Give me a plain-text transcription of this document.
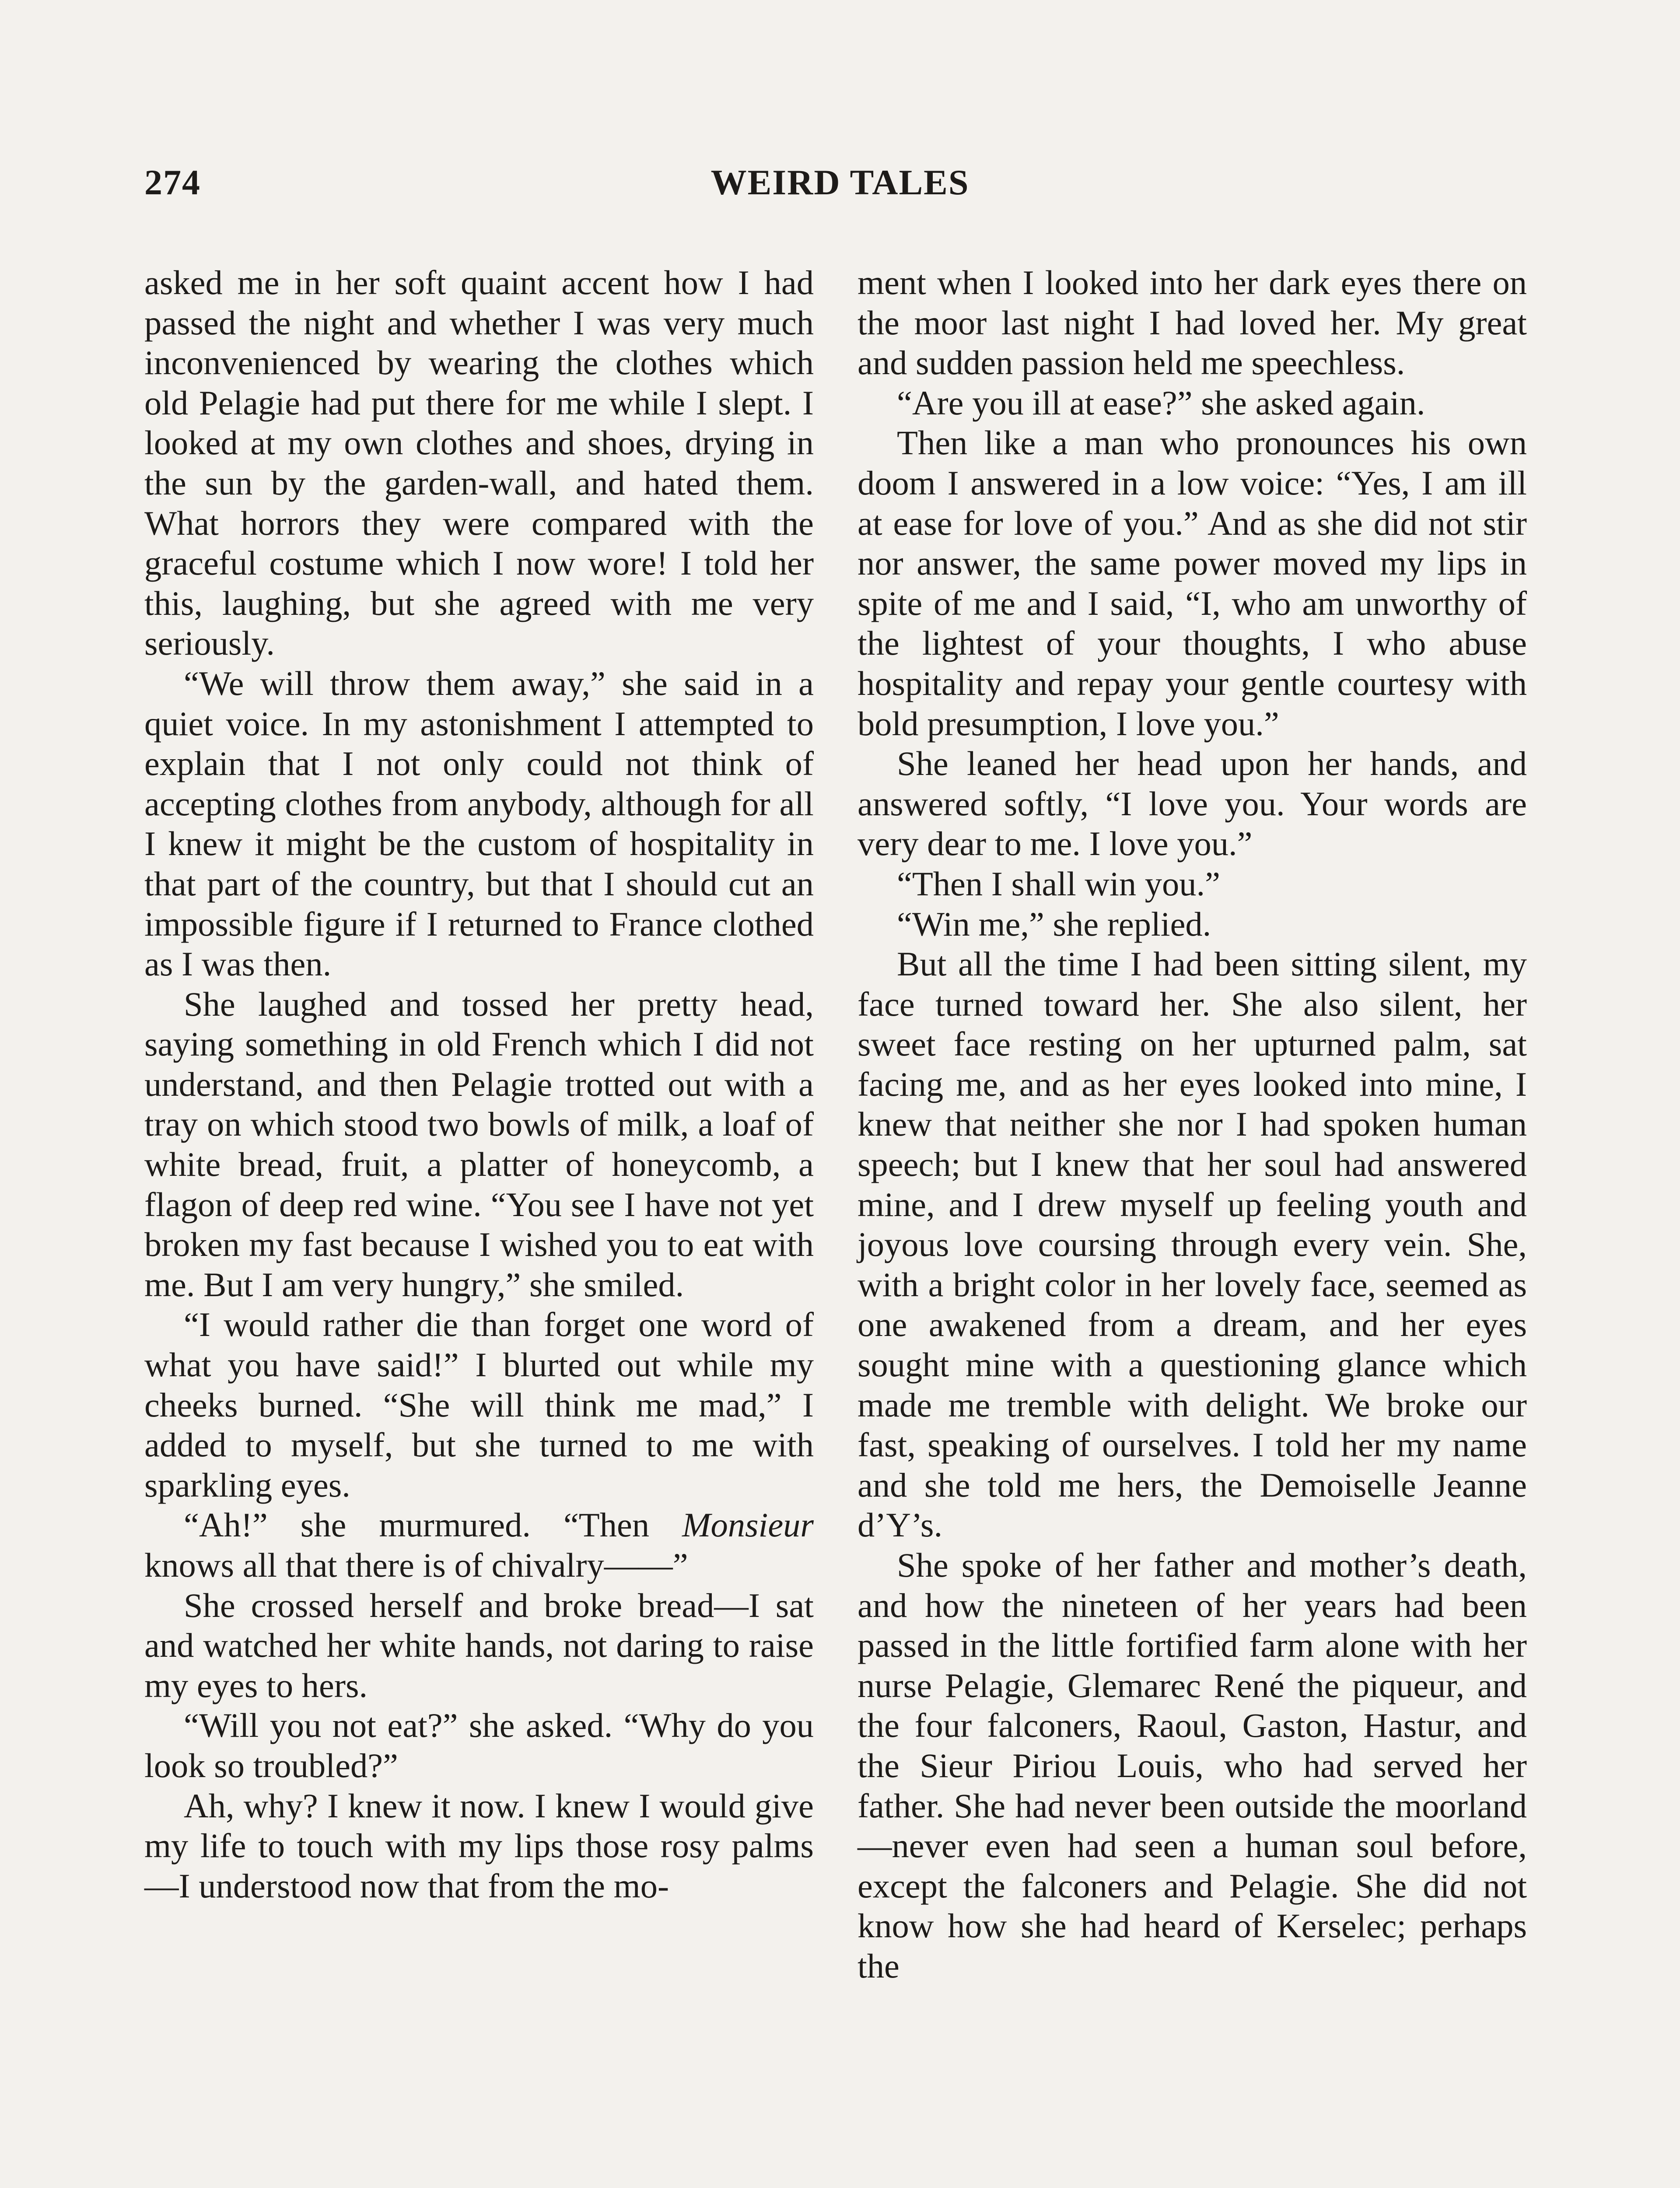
274	WEIRD TALES

asked me in her soft quaint accent how I had passed the night and whether I was very much inconvenienced by wearing the clothes which old Pelagie had put there for me while I slept. I looked at my own clothes and shoes, drying in the sun by the garden-wall, and hated them. What horrors they were compared with the graceful costume which I now wore! I told her this, laughing, but she agreed with me very seriously.

“We will throw them away,” she said in a quiet voice. In my astonishment I attempted to explain that I not only could not think of accepting clothes from anybody, although for all I knew it might be the custom of hospitality in that part of the country, but that I should cut an impossible figure if I returned to France clothed as I was then.

She laughed and tossed her pretty head, saying something in old French which I did not understand, and then Pelagie trotted out with a tray on which stood two bowls of milk, a loaf of white bread, fruit, a platter of honeycomb, a flagon of deep red wine. “You see I have not yet broken my fast because I wished you to eat with me. But I am very hungry,” she smiled.

“I would rather die than forget one word of what you have said!” I blurted out while my cheeks burned. “She will think me mad,” I added to myself, but she turned to me with sparkling eyes.

“Ah!” she murmured. “Then Monsieur knows all that there is of chivalry——”

She crossed herself and broke bread—I sat and watched her white hands, not daring to raise my eyes to hers.

“Will you not eat?” she asked. “Why do you look so troubled?”

Ah, why? I knew it now. I knew I would give my life to touch with my lips those rosy palms—I understood now that from the mo-

ment when I looked into her dark eyes there on the moor last night I had loved her. My great and sudden passion held me speechless.

“Are you ill at ease?” she asked again.

Then like a man who pronounces his own doom I answered in a low voice: “Yes, I am ill at ease for love of you.” And as she did not stir nor answer, the same power moved my lips in spite of me and I said, “I, who am unworthy of the lightest of your thoughts, I who abuse hospitality and repay your gentle courtesy with bold presumption, I love you.”

She leaned her head upon her hands, and answered softly, “I love you. Your words are very dear to me. I love you.”

“Then I shall win you.”

“Win me,” she replied.

But all the time I had been sitting silent, my face turned toward her. She also silent, her sweet face resting on her upturned palm, sat facing me, and as her eyes looked into mine, I knew that neither she nor I had spoken human speech; but I knew that her soul had answered mine, and I drew myself up feeling youth and joyous love coursing through every vein. She, with a bright color in her lovely face, seemed as one awakened from a dream, and her eyes sought mine with a questioning glance which made me tremble with delight. We broke our fast, speaking of ourselves. I told her my name and she told me hers, the Demoiselle Jeanne d’Y’s.

She spoke of her father and mother’s death, and how the nineteen of her years had been passed in the little fortified farm alone with her nurse Pelagie, Glemarec René the piqueur, and the four falconers, Raoul, Gaston, Hastur, and the Sieur Piriou Louis, who had served her father. She had never been outside the moorland—never even had seen a human soul before, except the falconers and Pelagie. She did not know how she had heard of Kerselec; perhaps the
